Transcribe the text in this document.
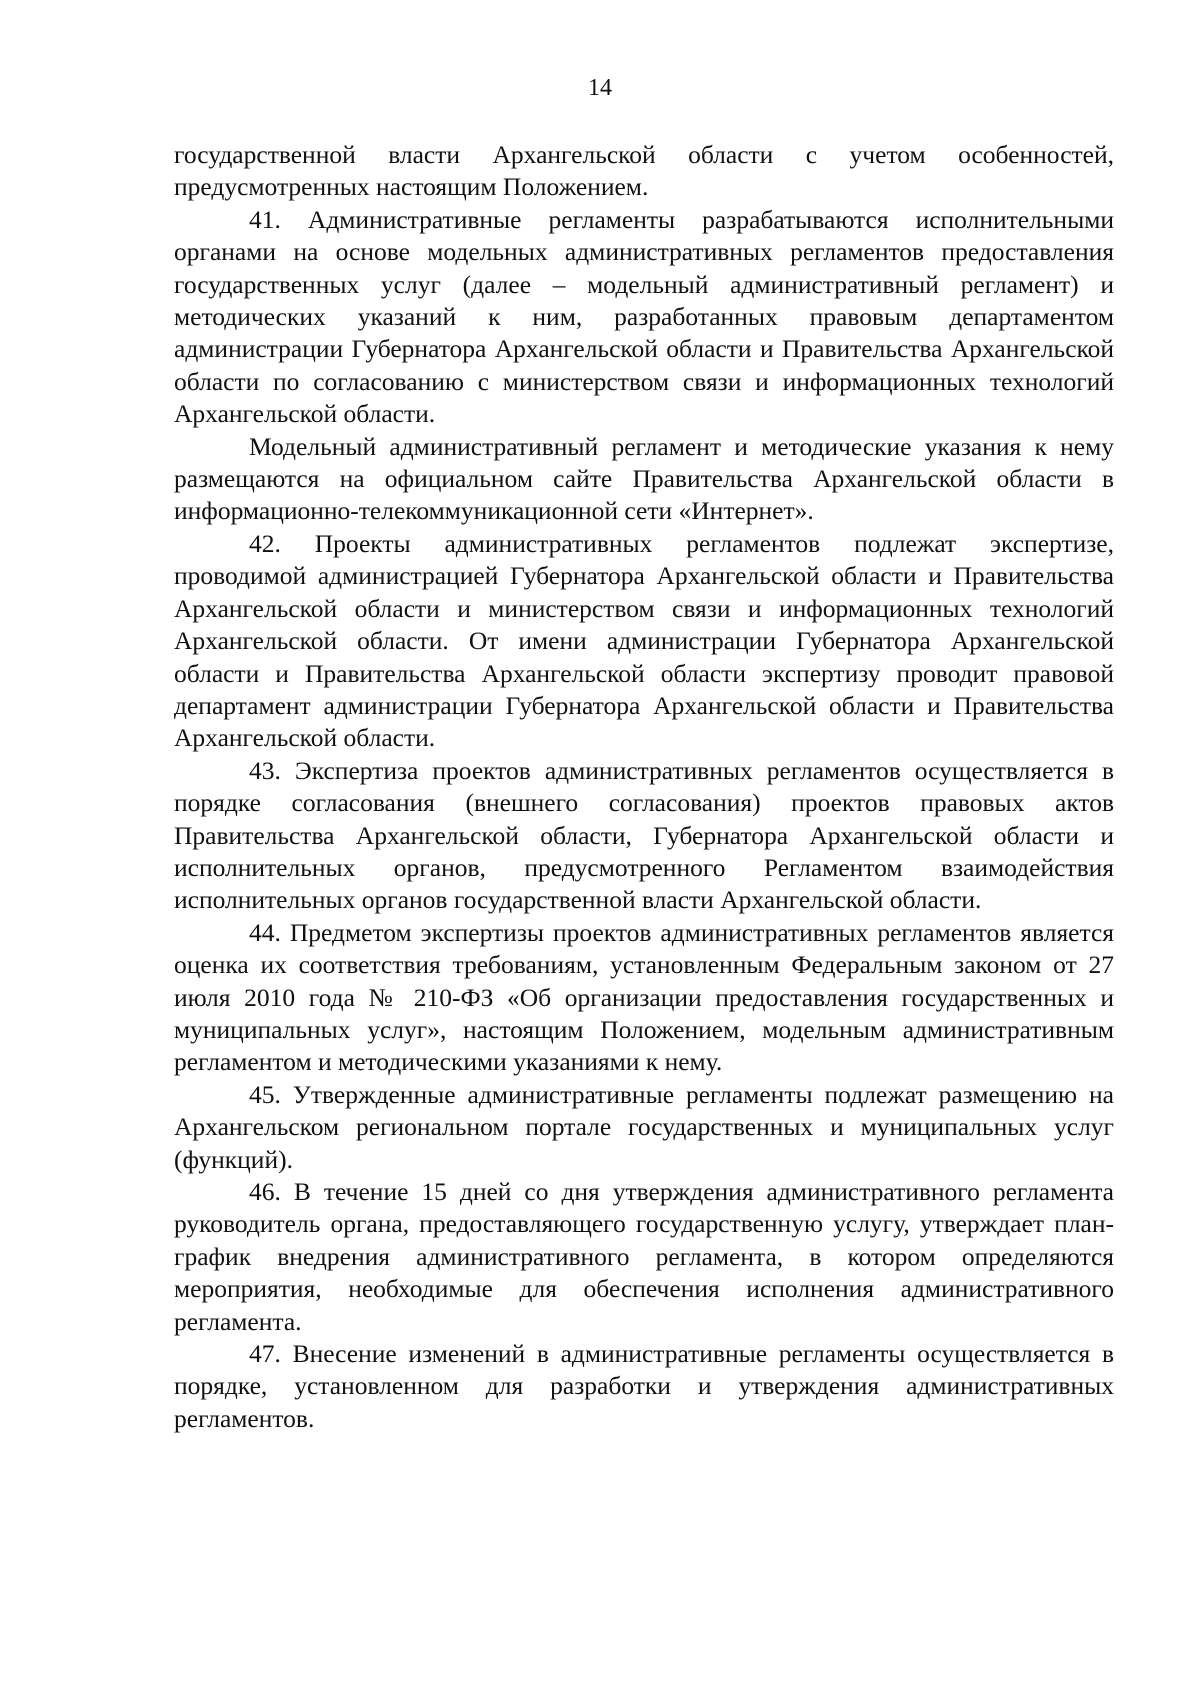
14

государственной власти Архангельской области с учетом особенностей, предусмотренных настоящим Положением.

41. Административные регламенты разрабатываются исполнительными органами на основе модельных административных регламентов предоставления государственных услуг (далее – модельный административный регламент) и методических указаний к ним, разработанных правовым департаментом администрации Губернатора Архангельской области и Правительства Архангельской области по согласованию с министерством связи и информационных технологий Архангельской области.

Модельный административный регламент и методические указания к нему размещаются на официальном сайте Правительства Архангельской области в информационно-телекоммуникационной сети «Интернет».

42. Проекты административных регламентов подлежат экспертизе, проводимой администрацией Губернатора Архангельской области и Правительства Архангельской области и министерством связи и информационных технологий Архангельской области. От имени администрации Губернатора Архангельской области и Правительства Архангельской области экспертизу проводит правовой департамент администрации Губернатора Архангельской области и Правительства Архангельской области.

43. Экспертиза проектов административных регламентов осуществляется в порядке согласования (внешнего согласования) проектов правовых актов Правительства Архангельской области, Губернатора Архангельской области и исполнительных органов, предусмотренного Регламентом взаимодействия исполнительных органов государственной власти Архангельской области.

44. Предметом экспертизы проектов административных регламентов является оценка их соответствия требованиям, установленным Федеральным законом от 27 июля 2010 года № 210-ФЗ «Об организации предоставления государственных и муниципальных услуг», настоящим Положением, модельным административным регламентом и методическими указаниями к нему.

45. Утвержденные административные регламенты подлежат размещению на Архангельском региональном портале государственных и муниципальных услуг (функций).

46. В течение 15 дней со дня утверждения административного регламента руководитель органа, предоставляющего государственную услугу, утверждает план-график внедрения административного регламента, в котором определяются мероприятия, необходимые для обеспечения исполнения административного регламента.

47. Внесение изменений в административные регламенты осуществляется в порядке, установленном для разработки и утверждения административных регламентов.
